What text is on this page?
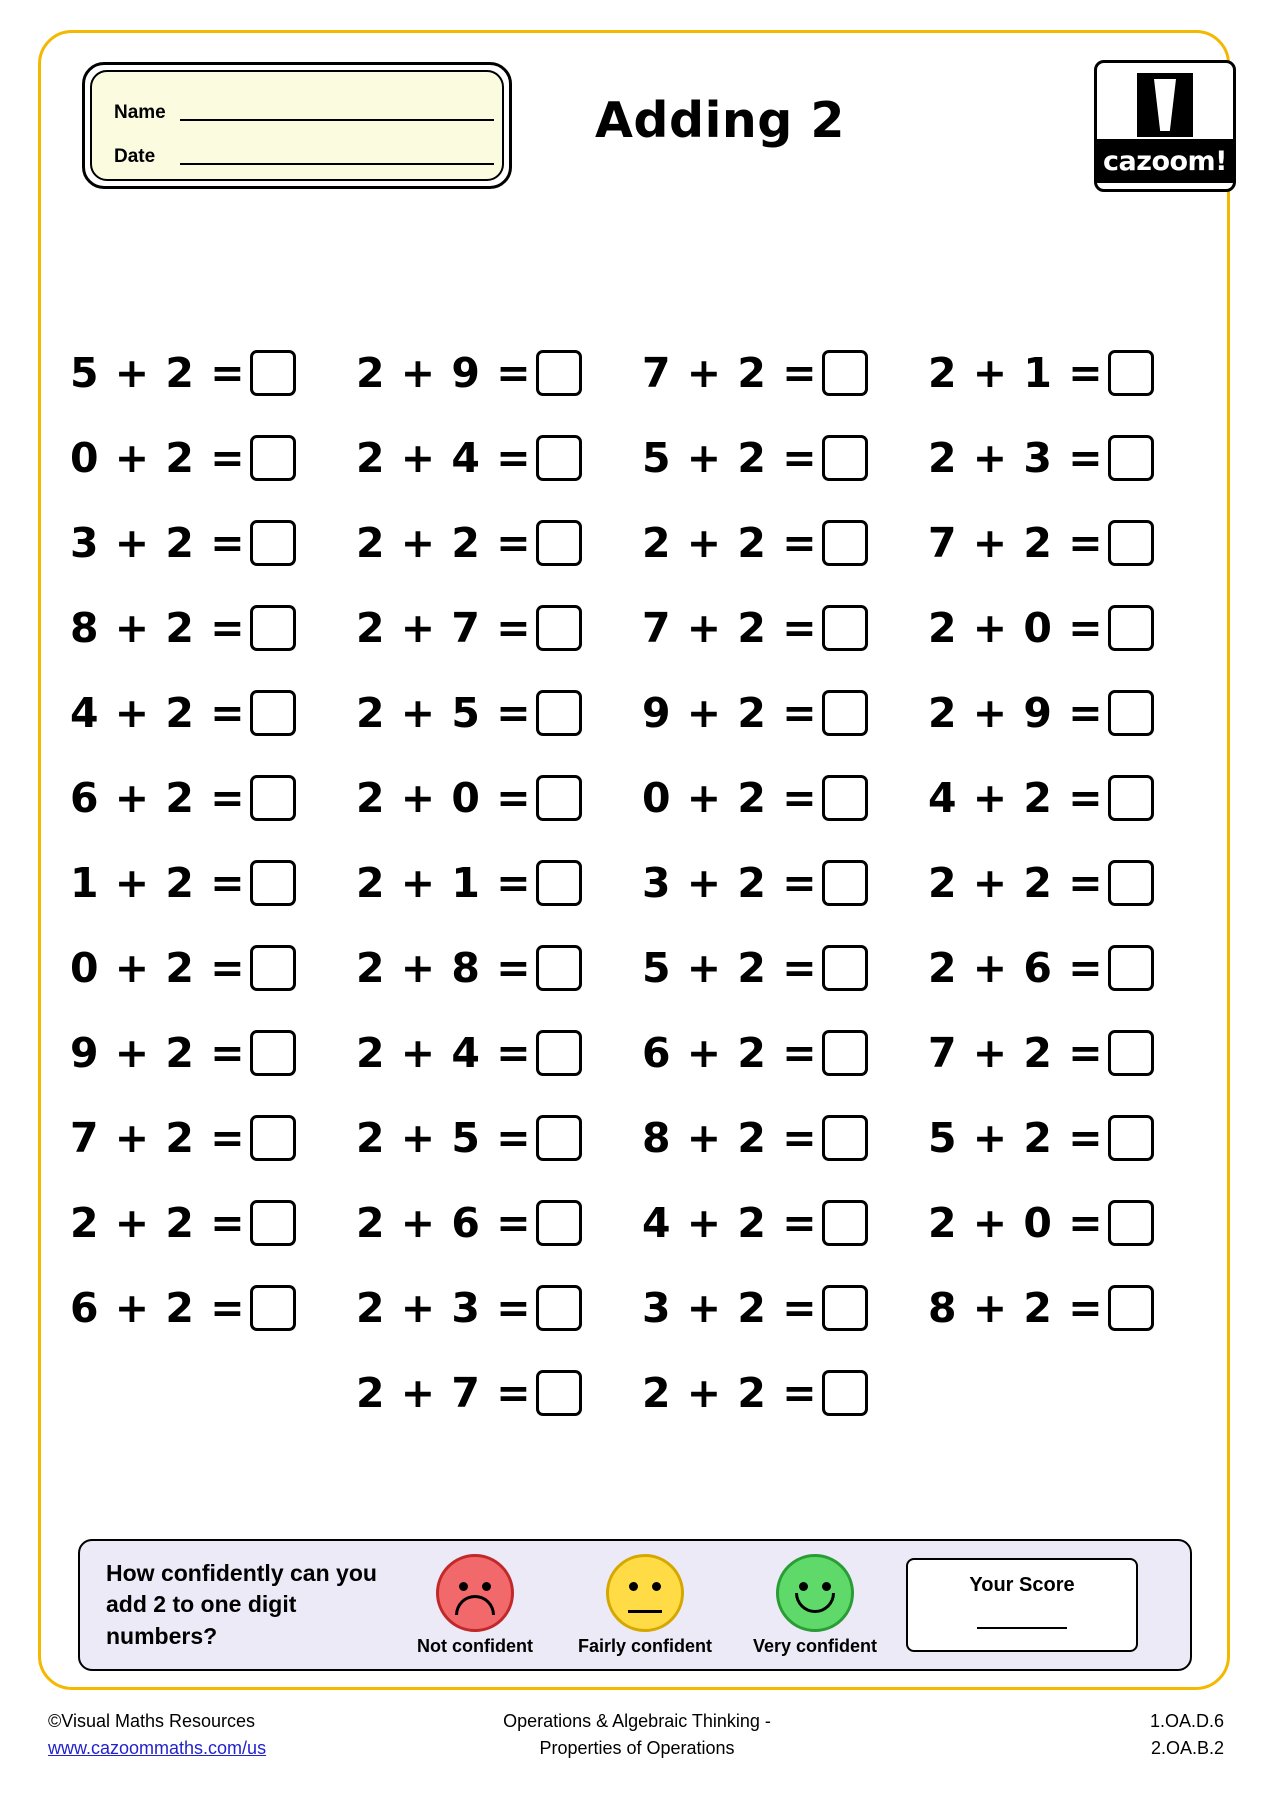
Name
Date
Adding 2
cazoom!
5 + 2 =
0 + 2 =
3 + 2 =
8 + 2 =
4 + 2 =
6 + 2 =
1 + 2 =
0 + 2 =
9 + 2 =
7 + 2 =
2 + 2 =
6 + 2 =
2 + 9 =
2 + 4 =
2 + 2 =
2 + 7 =
2 + 5 =
2 + 0 =
2 + 1 =
2 + 8 =
2 + 4 =
2 + 5 =
2 + 6 =
2 + 3 =
2 + 7 =
7 + 2 =
5 + 2 =
2 + 2 =
7 + 2 =
9 + 2 =
0 + 2 =
3 + 2 =
5 + 2 =
6 + 2 =
8 + 2 =
4 + 2 =
3 + 2 =
2 + 2 =
2 + 1 =
2 + 3 =
7 + 2 =
2 + 0 =
2 + 9 =
4 + 2 =
2 + 2 =
2 + 6 =
7 + 2 =
5 + 2 =
2 + 0 =
8 + 2 =
How confidently can you add 2 to one digit numbers?	Not confident	Fairly confident	Very confident
Your Score
©Visual Maths Resources
www.cazoommaths.com/us
Operations & Algebraic Thinking -
Properties of Operations
1.OA.D.6
2.OA.B.2
